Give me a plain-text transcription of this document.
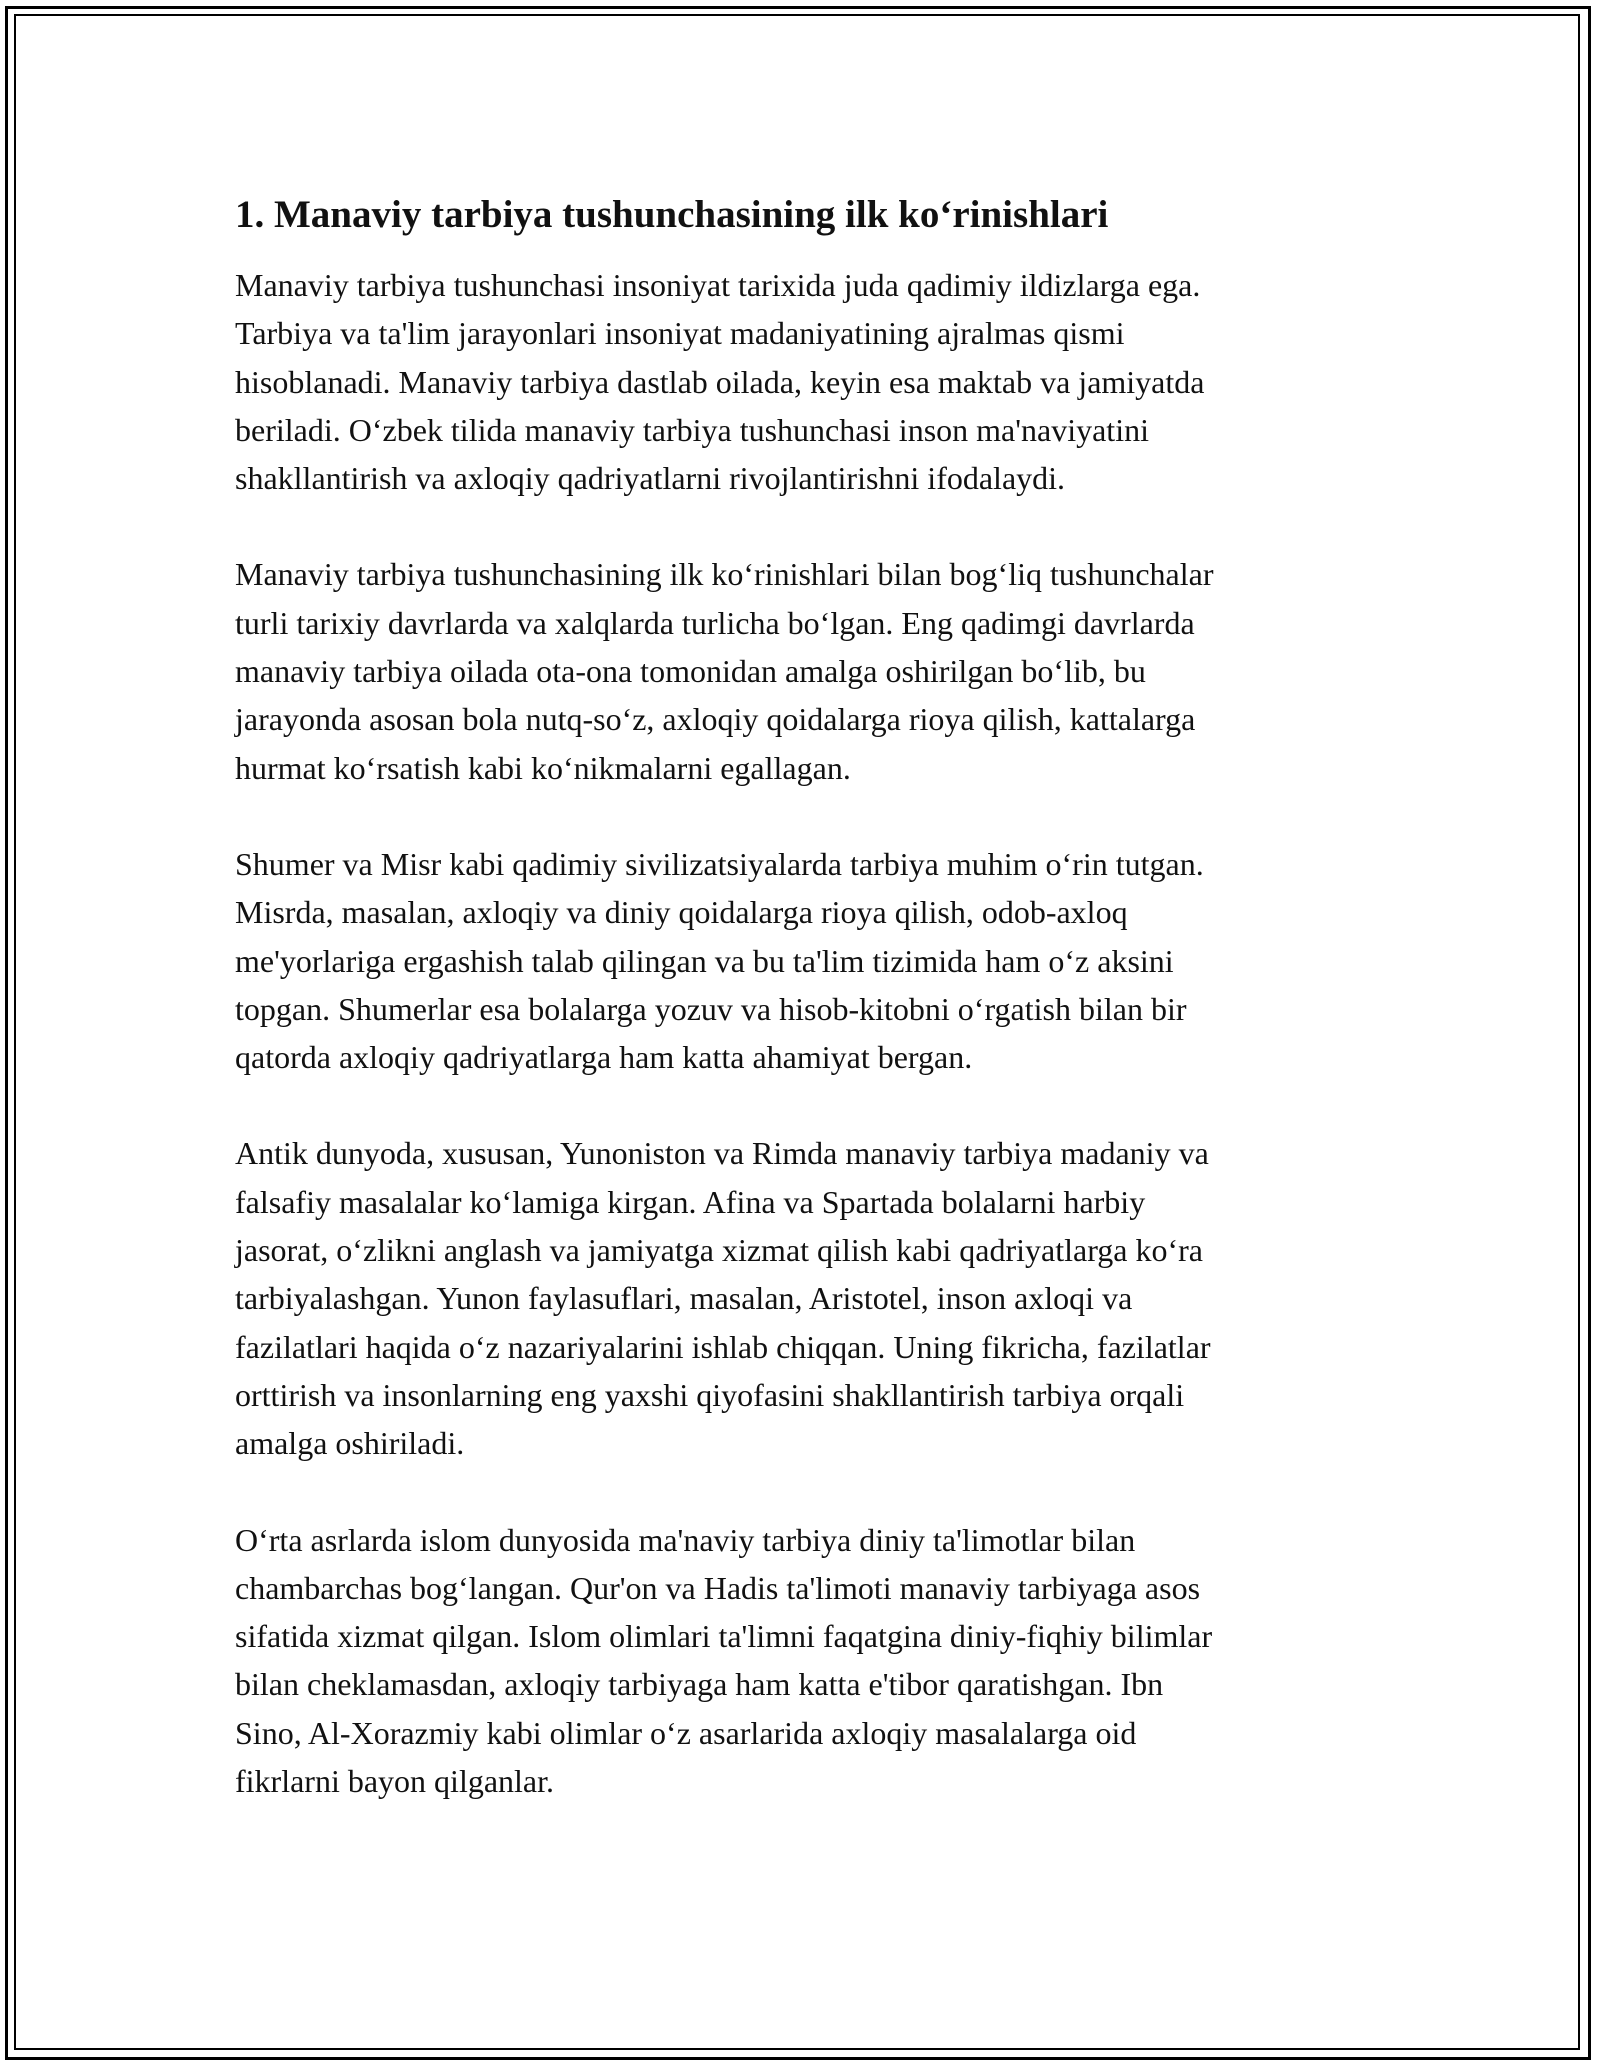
1. Manaviy tarbiya tushunchasining ilk koʻrinishlari

Manaviy tarbiya tushunchasi insoniyat tarixida juda qadimiy ildizlarga ega.
Tarbiya va ta'lim jarayonlari insoniyat madaniyatining ajralmas qismi
hisoblanadi. Manaviy tarbiya dastlab oilada, keyin esa maktab va jamiyatda
beriladi. Oʻzbek tilida manaviy tarbiya tushunchasi inson ma'naviyatini
shakllantirish va axloqiy qadriyatlarni rivojlantirishni ifodalaydi.

Manaviy tarbiya tushunchasining ilk koʻrinishlari bilan bogʻliq tushunchalar
turli tarixiy davrlarda va xalqlarda turlicha boʻlgan. Eng qadimgi davrlarda
manaviy tarbiya oilada ota-ona tomonidan amalga oshirilgan boʻlib, bu
jarayonda asosan bola nutq-soʻz, axloqiy qoidalarga rioya qilish, kattalarga
hurmat koʻrsatish kabi koʻnikmalarni egallagan.

Shumer va Misr kabi qadimiy sivilizatsiyalarda tarbiya muhim oʻrin tutgan.
Misrda, masalan, axloqiy va diniy qoidalarga rioya qilish, odob-axloq
me'yorlariga ergashish talab qilingan va bu ta'lim tizimida ham oʻz aksini
topgan. Shumerlar esa bolalarga yozuv va hisob-kitobni oʻrgatish bilan bir
qatorda axloqiy qadriyatlarga ham katta ahamiyat bergan.

Antik dunyoda, xususan, Yunoniston va Rimda manaviy tarbiya madaniy va
falsafiy masalalar koʻlamiga kirgan. Afina va Spartada bolalarni harbiy
jasorat, oʻzlikni anglash va jamiyatga xizmat qilish kabi qadriyatlarga koʻra
tarbiyalashgan. Yunon faylasuflari, masalan, Aristotel, inson axloqi va
fazilatlari haqida oʻz nazariyalarini ishlab chiqqan. Uning fikricha, fazilatlar
orttirish va insonlarning eng yaxshi qiyofasini shakllantirish tarbiya orqali
amalga oshiriladi.

Oʻrta asrlarda islom dunyosida ma'naviy tarbiya diniy ta'limotlar bilan
chambarchas bogʻlangan. Qur'on va Hadis ta'limoti manaviy tarbiyaga asos
sifatida xizmat qilgan. Islom olimlari ta'limni faqatgina diniy-fiqhiy bilimlar
bilan cheklamasdan, axloqiy tarbiyaga ham katta e'tibor qaratishgan. Ibn
Sino, Al-Xorazmiy kabi olimlar oʻz asarlarida axloqiy masalalarga oid
fikrlarni bayon qilganlar.
